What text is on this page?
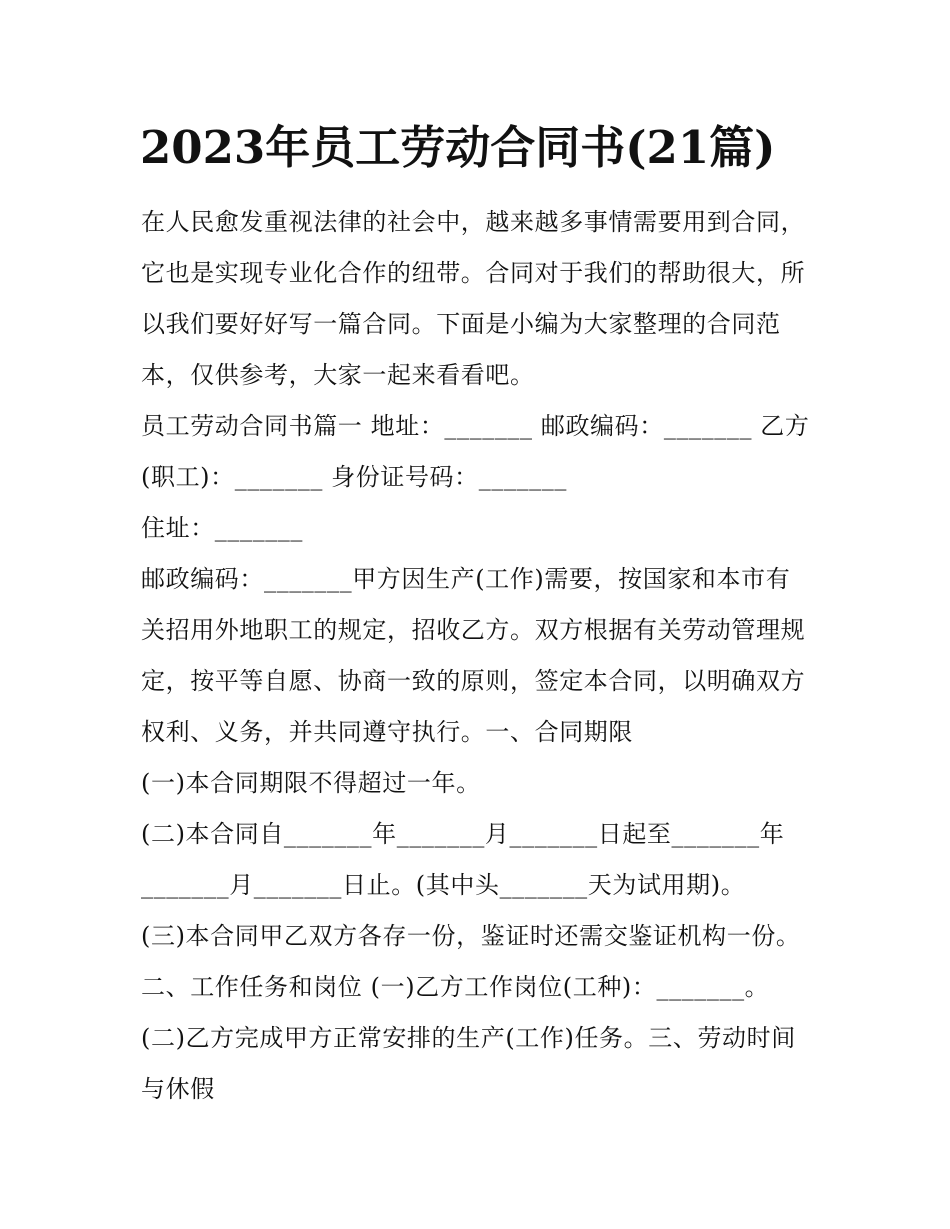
2023年员工劳动合同书(21篇)

在人民愈发重视法律的社会中，越来越多事情需要用到合同，

它也是实现专业化合作的纽带。合同对于我们的帮助很大，所

以我们要好好写一篇合同。下面是小编为大家整理的合同范

本，仅供参考，大家一起来看看吧。

员工劳动合同书篇一 地址：_______ 邮政编码：_______ 乙方

(职工)：_______ 身份证号码：_______

住址：_______

邮政编码：_______甲方因生产(工作)需要，按国家和本市有

关招用外地职工的规定，招收乙方。双方根据有关劳动管理规

定，按平等自愿、协商一致的原则，签定本合同，以明确双方

权利、义务，并共同遵守执行。一、合同期限

(一)本合同期限不得超过一年。

(二)本合同自_______年_______月_______日起至_______年

_______月_______日止。(其中头_______天为试用期)。

(三)本合同甲乙双方各存一份，鉴证时还需交鉴证机构一份。

二、工作任务和岗位 (一)乙方工作岗位(工种)：_______。

(二)乙方完成甲方正常安排的生产(工作)任务。三、劳动时间

与休假
